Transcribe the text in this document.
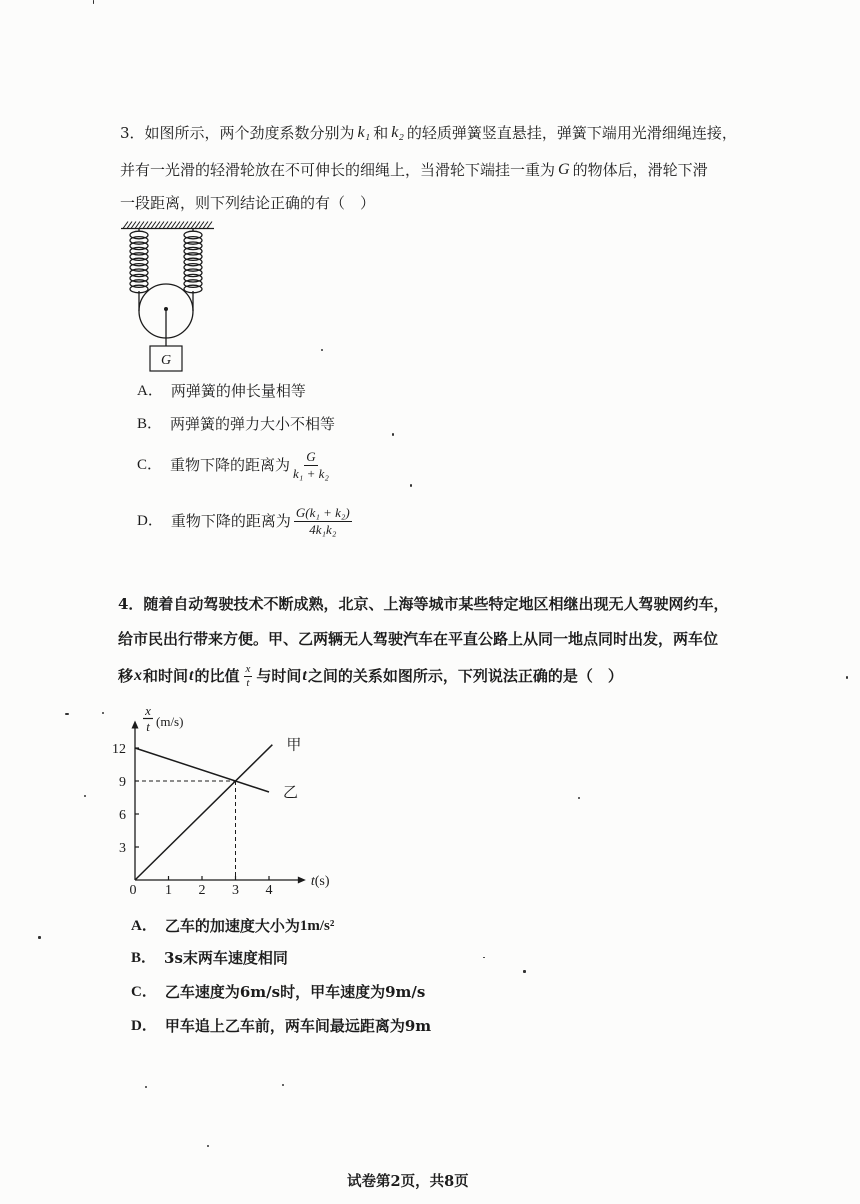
3．如图所示，两个劲度系数分别为 k₁ 和 k₂ 的轻质弹簧竖直悬挂，弹簧下端用光滑细绳连接，
并有一光滑的轻滑轮放在不可伸长的细绳上，当滑轮下端挂一重为 G 的物体后，滑轮下滑
一段距离，则下列结论正确的有（　）
G
A． 两弹簧的伸长量相等
B． 两弹簧的弹力大小不相等
C． 重物下降的距离为 $\frac{G}{\text{k₁ + k₂}}$
D． 重物下降的距离为 $\frac{\text{G(k₁ + k₂)}}{\text{4k₁k₂}}$
4．随着自动驾驶技术不断成熟，北京、上海等城市某些特定地区相继出现无人驾驶网约车，
给市民出行带来方便。甲、乙两辆无人驾驶汽车在平直公路上从同一地点同时出发，两车位
移 x 和时间 t 的比值 $\frac{x}{t}$ 与时间 t 之间的关系如图所示，下列说法正确的是（　）
0 1 2 3 4
3
6
9
12	甲
乙
t(s)
x
t (m/s)
A． 乙车的加速度大小为 1m/s²
B． 3s末两车速度相同
C． 乙车速度为6m/s时，甲车速度为9m/s
D． 甲车追上乙车前，两车间最远距离为9m
试卷第2页，共8页
